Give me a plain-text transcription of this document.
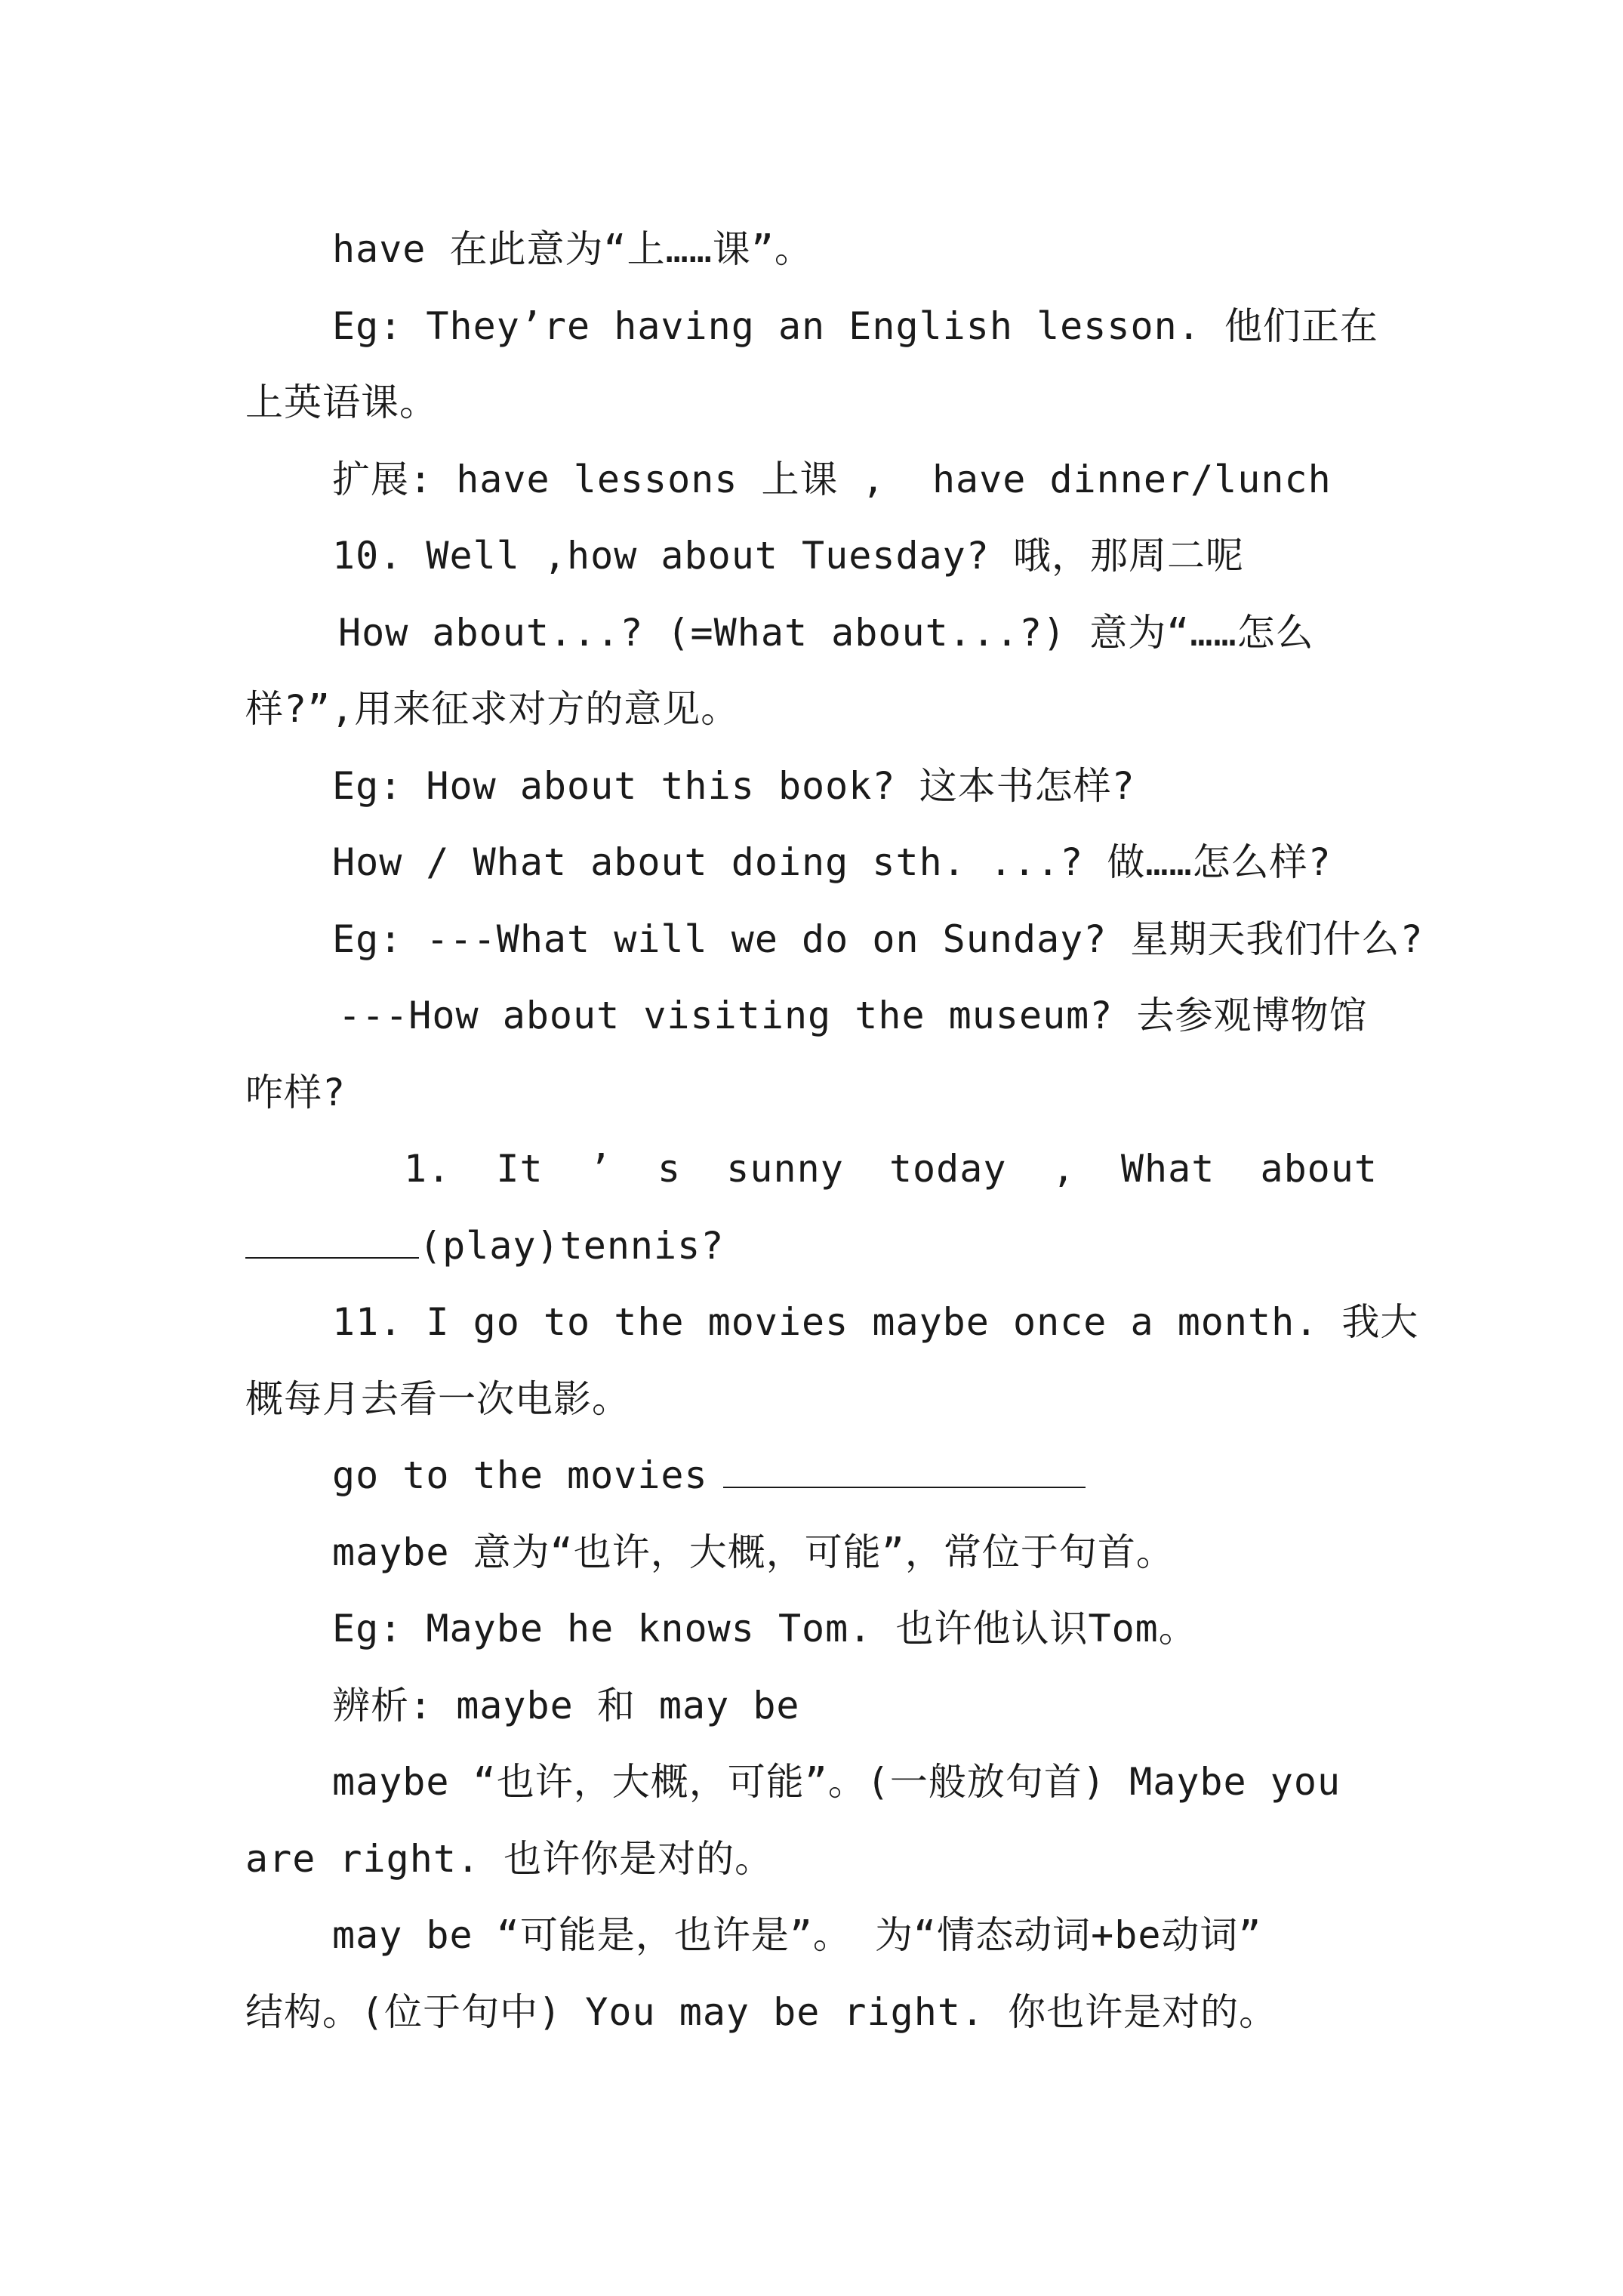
have 在此意为“上……课”。
Eg: They’re having an English lesson. 他们正在
上英语课。
扩展: have lessons 上课 ,  have dinner/lunch
10. Well ,how about Tuesday? 哦，那周二呢
How about...? (=What about...?) 意为“……怎么
样?”,用来征求对方的意见。
Eg: How about this book? 这本书怎样?
How / What about doing sth. ...? 做……怎么样?
Eg: ---What will we do on Sunday? 星期天我们什么?
---How about visiting the museum? 去参观博物馆
咋样?
1. It ’ s sunny today , What about
(play)tennis?
11. I go to the movies maybe once a month. 我大
概每月去看一次电影。
go to the movies
maybe 意为“也许，大概，可能”，常位于句首。
Eg: Maybe he knows Tom. 也许他认识Tom。
辨析: maybe 和 may be
maybe “也许，大概，可能”。(一般放句首) Maybe you
are right. 也许你是对的。
may be “可能是，也许是”。 为“情态动词+be动词”
结构。(位于句中) You may be right. 你也许是对的。
